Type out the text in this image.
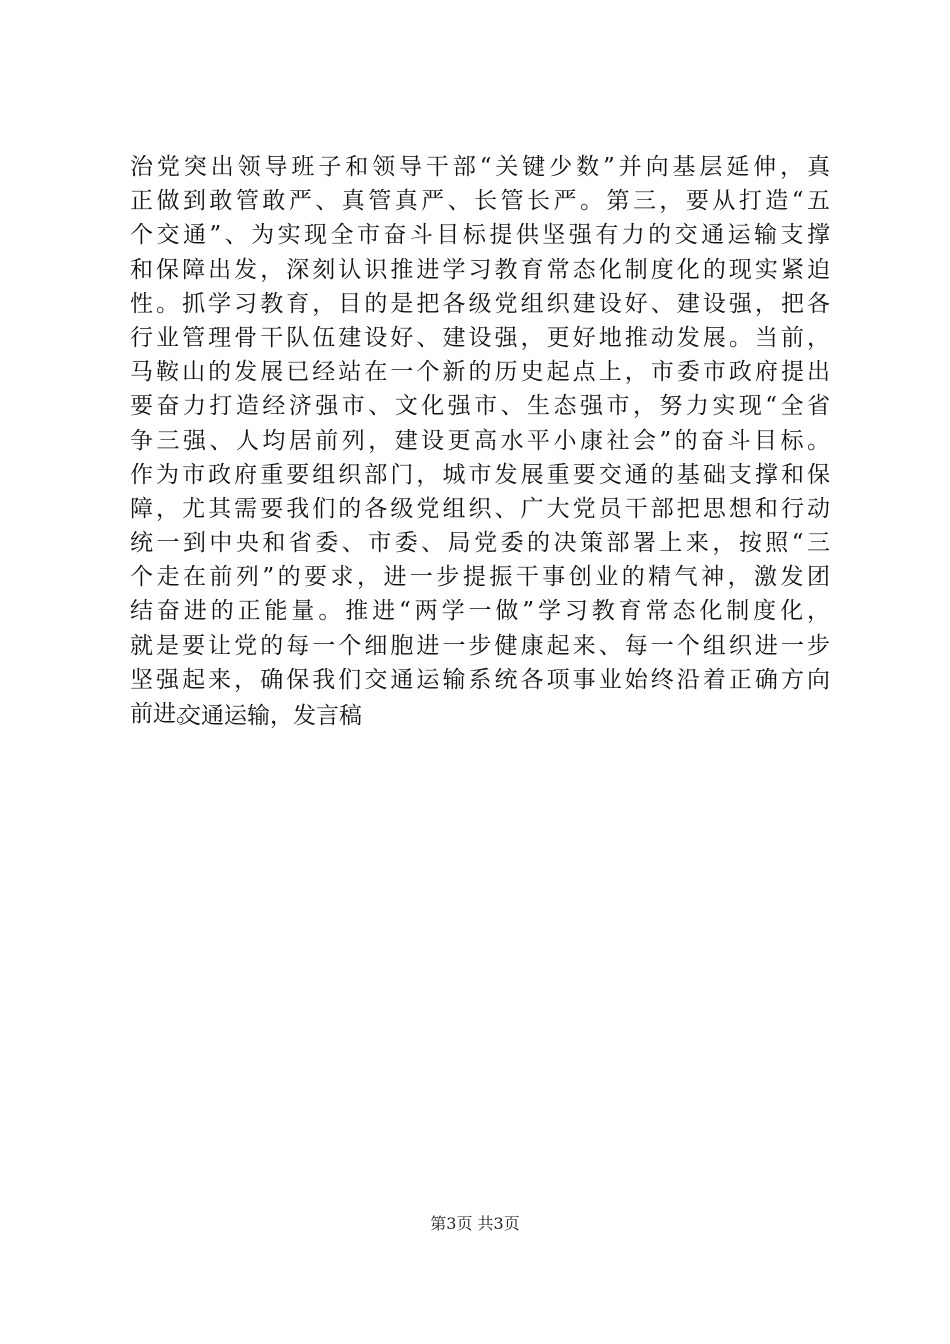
治党突出领导班子和领导干部“关键少数”并向基层延伸，真
正做到敢管敢严、真管真严、长管长严。第三，要从打造“五
个交通”、为实现全市奋斗目标提供坚强有力的交通运输支撑
和保障出发，深刻认识推进学习教育常态化制度化的现实紧迫
性。抓学习教育，目的是把各级党组织建设好、建设强，把各
行业管理骨干队伍建设好、建设强，更好地推动发展。当前，
马鞍山的发展已经站在一个新的历史起点上，市委市政府提出
要奋力打造经济强市、文化强市、生态强市，努力实现“全省
争三强、人均居前列，建设更高水平小康社会”的奋斗目标。
作为市政府重要组织部门，城市发展重要交通的基础支撑和保
障，尤其需要我们的各级党组织、广大党员干部把思想和行动
统一到中央和省委、市委、局党委的决策部署上来，按照“三
个走在前列”的要求，进一步提振干事创业的精气神，激发团
结奋进的正能量。推进“两学一做”学习教育常态化制度化，
就是要让党的每一个细胞进一步健康起来、每一个组织进一步
坚强起来，确保我们交通运输系统各项事业始终沿着正确方向
前进。
交通运输，发言稿
第3页 共3页
